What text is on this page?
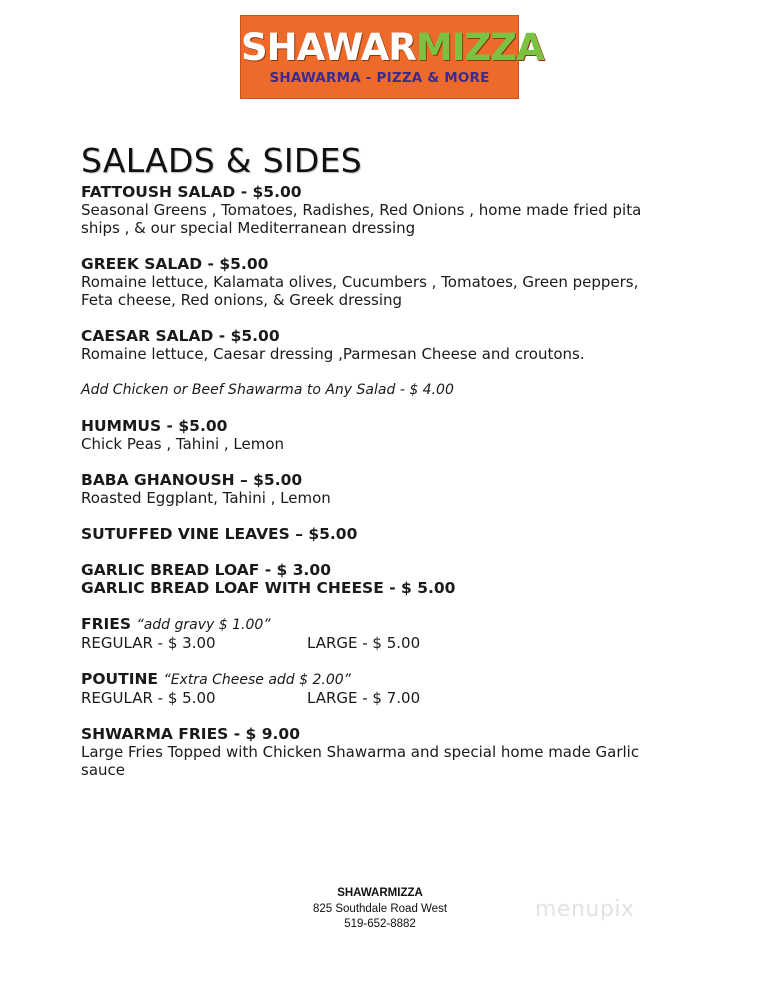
SHAWARMIZZA
SHAWARMA - PIZZA & MORE
SALADS & SIDES
FATTOUSH SALAD - $5.00
Seasonal Greens , Tomatoes, Radishes, Red Onions , home made fried pita
ships , & our special Mediterranean dressing
GREEK SALAD - $5.00
Romaine lettuce, Kalamata olives, Cucumbers , Tomatoes, Green peppers,
Feta cheese, Red onions, & Greek dressing
CAESAR SALAD - $5.00
Romaine lettuce, Caesar dressing ,Parmesan Cheese and croutons.
Add Chicken or Beef Shawarma to Any Salad - $ 4.00
HUMMUS - $5.00
Chick Peas , Tahini , Lemon
BABA GHANOUSH – $5.00
Roasted Eggplant, Tahini , Lemon
SUTUFFED VINE LEAVES – $5.00
GARLIC BREAD LOAF - $ 3.00
GARLIC BREAD LOAF WITH CHEESE - $ 5.00
FRIES “add gravy $ 1.00”
REGULAR - $ 3.00	LARGE - $ 5.00
POUTINE “Extra Cheese add $ 2.00”
REGULAR - $ 5.00	LARGE - $ 7.00
SHWARMA FRIES - $ 9.00
Large Fries Topped with Chicken Shawarma and special home made Garlic
sauce
SHAWARMIZZA
825 Southdale Road West
519-652-8882
menupix
